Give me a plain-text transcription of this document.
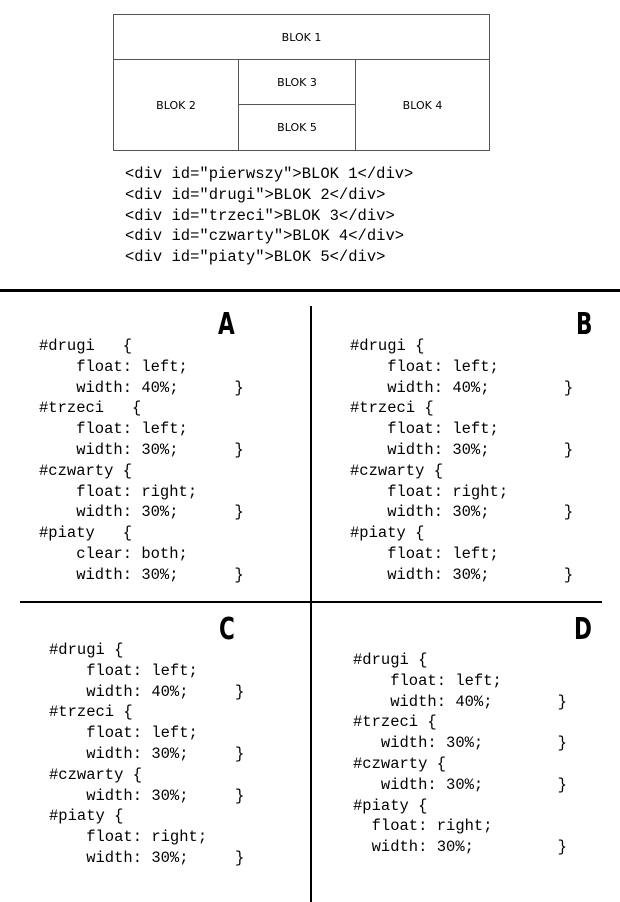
BLOK 1
BLOK 2
BLOK 3
BLOK 5
BLOK 4
<div id="pierwszy">BLOK 1</div>
<div id="drugi">BLOK 2</div>
<div id="trzeci">BLOK 3</div>
<div id="czwarty">BLOK 4</div>
<div id="piaty">BLOK 5</div>
A
#drugi   {
float: left;
width: 40%;      }
#trzeci   {
float: left;
width: 30%;      }
#czwarty {
float: right;
width: 30%;      }
#piaty   {
clear: both;
width: 30%;      }
B
#drugi {
float: left;
width: 40%;        }
#trzeci {
float: left;
width: 30%;        }
#czwarty {
float: right;
width: 30%;        }
#piaty {
float: left;
width: 30%;        }
C
#drugi {
float: left;
width: 40%;     }
#trzeci {
float: left;
width: 30%;     }
#czwarty {
width: 30%;     }
#piaty {
float: right;
width: 30%;     }
D
#drugi {
float: left;
width: 40%;       }
#trzeci {
width: 30%;        }
#czwarty {
width: 30%;        }
#piaty {
float: right;
width: 30%;         }
